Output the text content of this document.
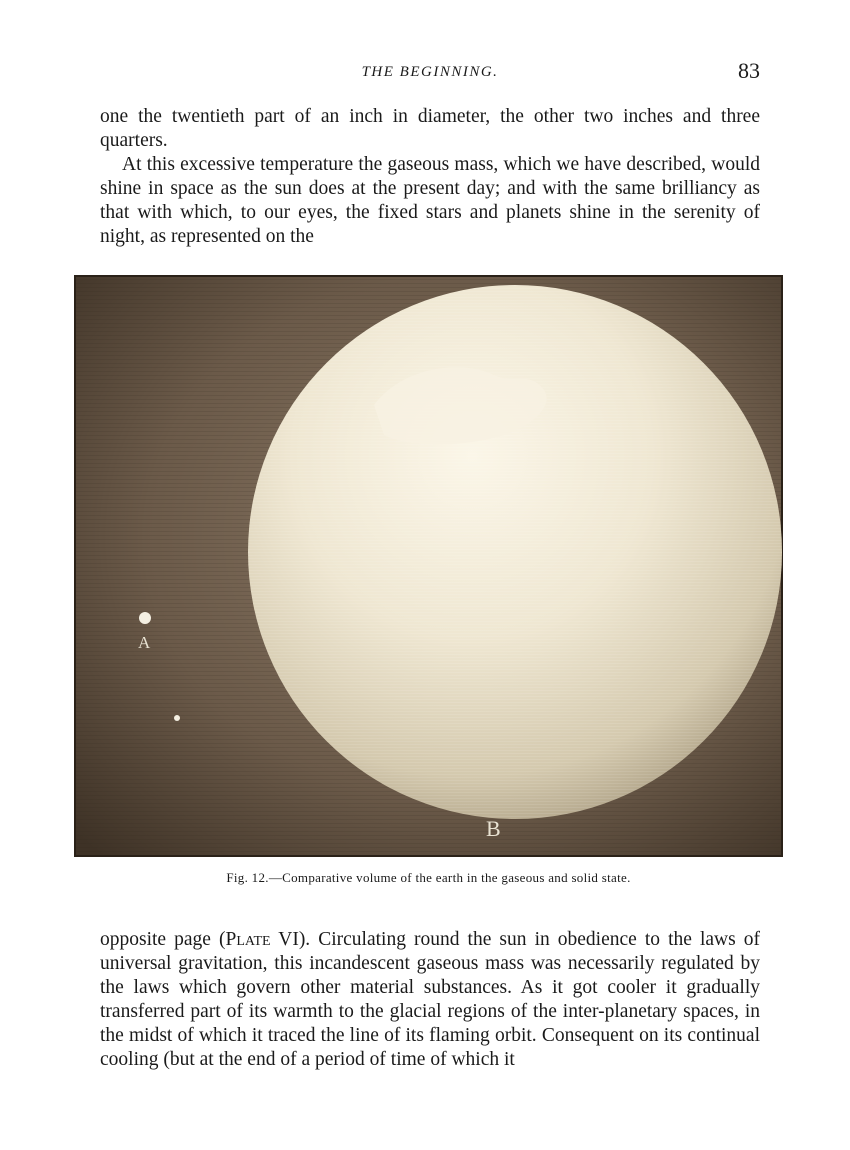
THE BEGINNING.	83
one the twentieth part of an inch in diameter, the other two inches and three quarters.
At this excessive temperature the gaseous mass, which we have described, would shine in space as the sun does at the present day; and with the same brilliancy as that with which, to our eyes, the fixed stars and planets shine in the serenity of night, as represented on the
A
B
Fig. 12.—Comparative volume of the earth in the gaseous and solid state.
opposite page (Plate VI). Circulating round the sun in obedience to the laws of universal gravitation, this incandescent gaseous mass was necessarily regulated by the laws which govern other material substances. As it got cooler it gradually transferred part of its warmth to the glacial regions of the inter-planetary spaces, in the midst of which it traced the line of its flaming orbit. Consequent on its continual cooling (but at the end of a period of time of which it
